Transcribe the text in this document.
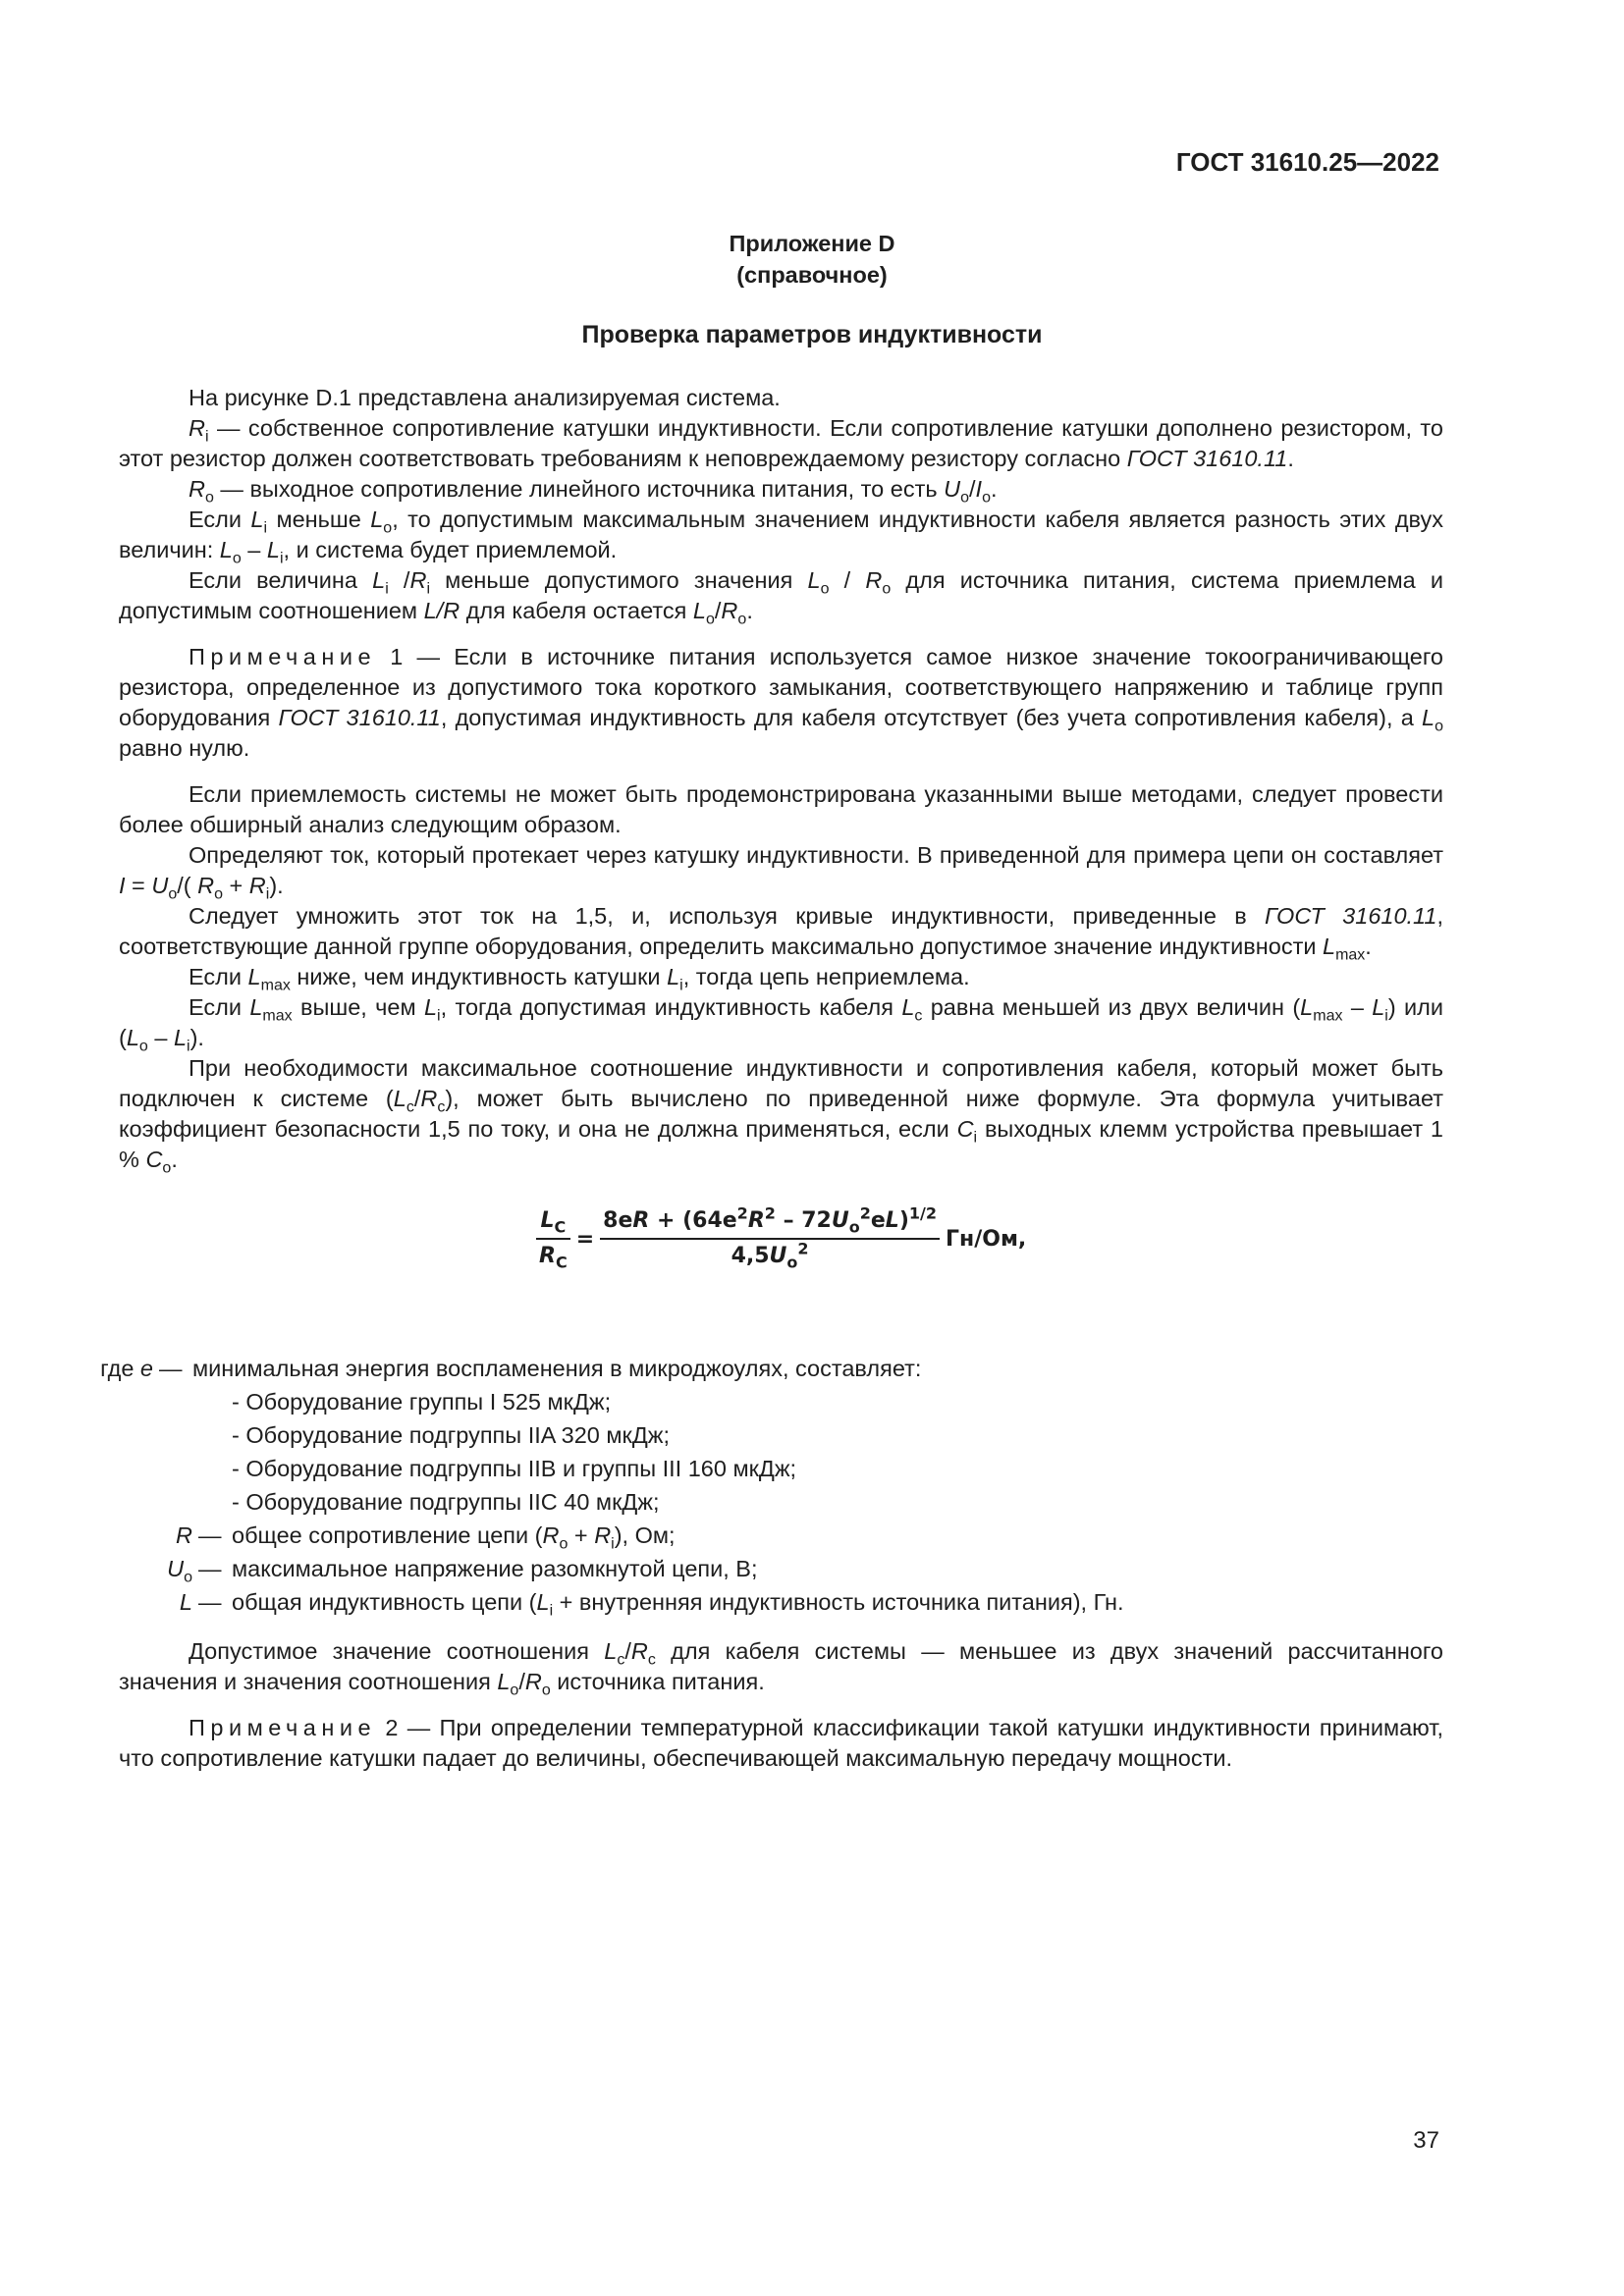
ГОСТ 31610.25—2022
Приложение D
(справочное)
Проверка параметров индуктивности

На рисунке D.1 представлена анализируемая система.

$R_i$ — собственное сопротивление катушки индуктивности. Если сопротивление катушки дополнено резистором, то этот резистор должен соответствовать требованиям к неповреждаемому резистору согласно ГОСТ 31610.11.

$R_o$ — выходное сопротивление линейного источника питания, то есть $U_o/I_o$.

Если $L_i$ меньше $L_o$, то допустимым максимальным значением индуктивности кабеля является разность этих двух величин: $L_o - L_i$, и система будет приемлемой.

Если величина $L_i$ $/R_i$ меньше допустимого значения $L_o / R_o$ для источника питания, система приемлема и допустимым соотношением L/R для кабеля остается $L_o/R_o$.

Примечание 1 — Если в источнике питания используется самое низкое значение токоограничивающего резистора, определенное из допустимого тока короткого замыкания, соответствующего напряжению и таблице групп оборудования ГОСТ 31610.11, допустимая индуктивность для кабеля отсутствует (без учета сопротивления кабеля), а $L_o$ равно нулю.

Если приемлемость системы не может быть продемонстрирована указанными выше методами, следует провести более обширный анализ следующим образом.

Определяют ток, который протекает через катушку индуктивности. В приведенной для примера цепи он составляет $I = U_o/$( $R_o + R_i$).

Следует умножить этот ток на 1,5, и, используя кривые индуктивности, приведенные в ГОСТ 31610.11, соответствующие данной группе оборудования, определить максимально допустимое значение индуктивности $L_{max}$.

Если $L_{max}$ ниже, чем индуктивность катушки $L_i$, тогда цепь неприемлема.

Если $L_{max}$ выше, чем $L_i$, тогда допустимая индуктивность кабеля $L_c$ равна меньшей из двух величин $(L_{max} - L_i)$ или $(L_o - L_i)$.

При необходимости максимальное соотношение индуктивности и сопротивления кабеля, который может быть подключен к системе $(L_c/R_c)$, может быть вычислено по приведенной ниже формуле. Эта формула учитывает коэффициент безопасности 1,5 по току, и она не должна применяться, если $C_i$ выходных клемм устройства превышает 1 % $C_o$.

$\frac{L_C}{R_C} = \frac{8eR + (64e^2R^2 - 72U_o^2eL)^{1/2}}{4,5U_o^2} Гн/Ом$,
где e — минимальная энергия воспламенения в микроджоулях, составляет:
- Оборудование группы I 525 мкДж;
- Оборудование подгруппы IIA 320 мкДж;
- Оборудование подгруппы IIB и группы III 160 мкДж;
- Оборудование подгруппы IIC 40 мкДж;
R — общее сопротивление цепи $(R_o + R_i)$, Ом;
$U_o$ — максимальное напряжение разомкнутой цепи, В;
L — общая индуктивность цепи ($L_i$ + внутренняя индуктивность источника питания), Гн.

Допустимое значение соотношения $L_c/R_c$ для кабеля системы — меньшее из двух значений рассчитанного значения и значения соотношения $L_o/R_o$ источника питания.

Примечание 2 — При определении температурной классификации такой катушки индуктивности принимают, что сопротивление катушки падает до величины, обеспечивающей максимальную передачу мощности.

37
